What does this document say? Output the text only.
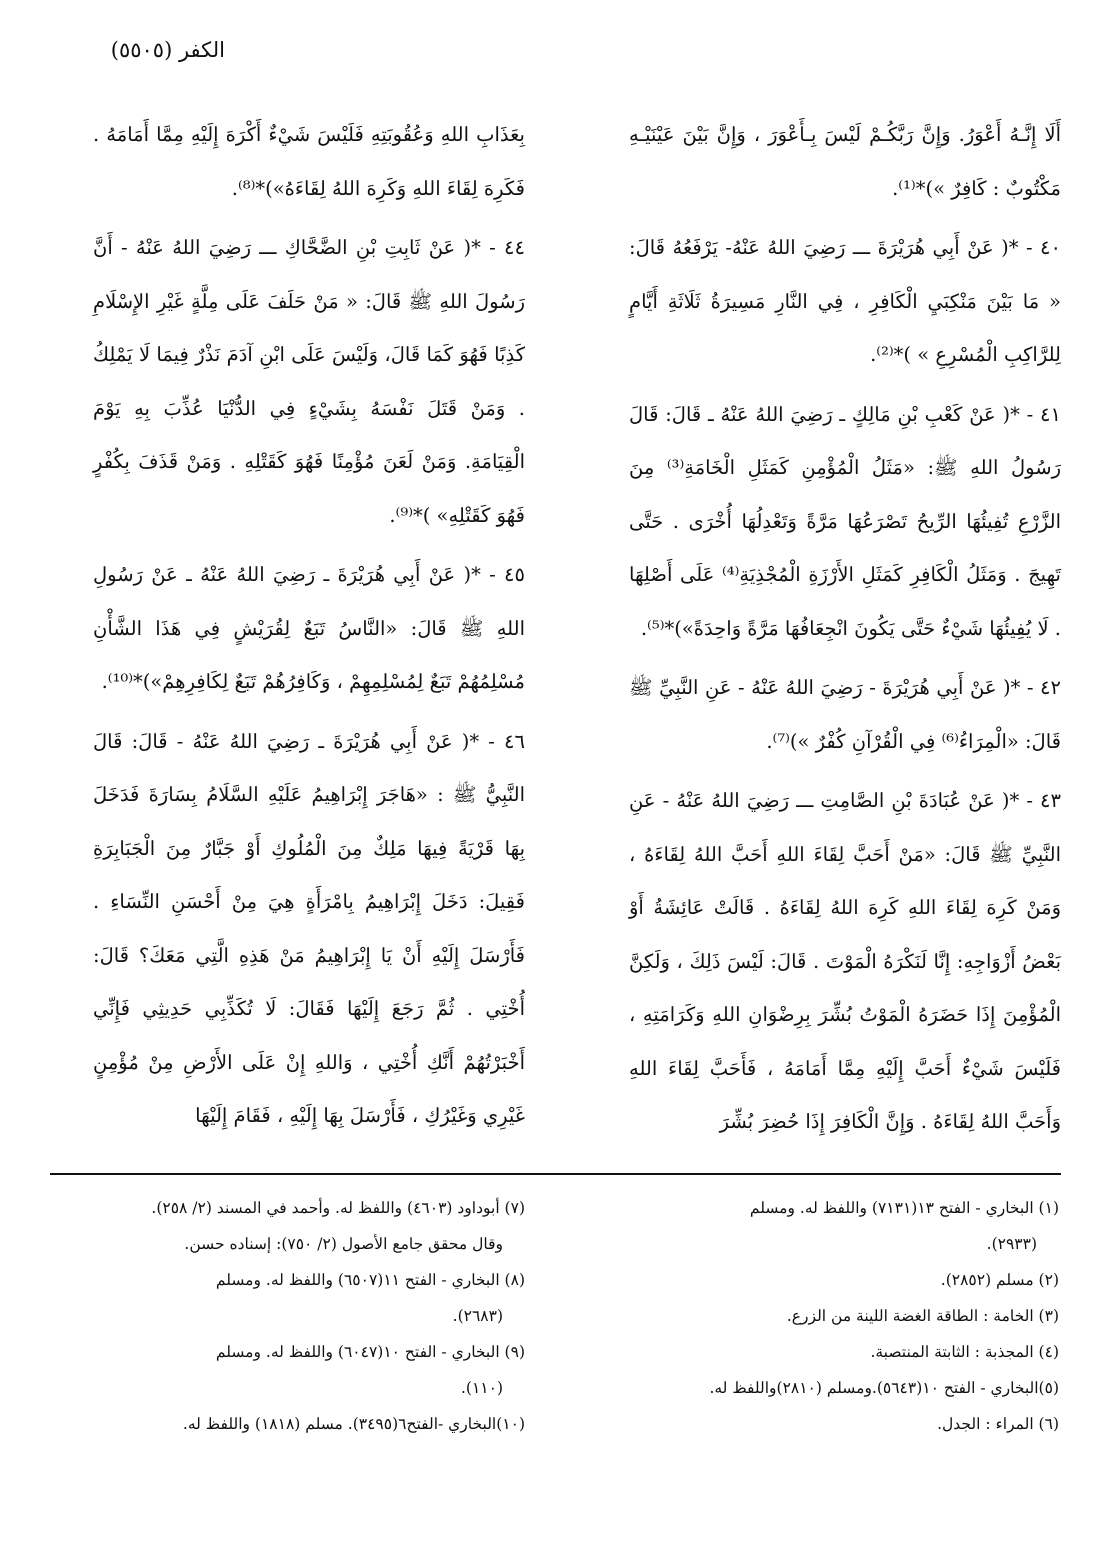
الكفر (٥٥٠٥)

أَلَا إِنَّـهُ أَعْوَرُ. وَإِنَّ رَبَّكُـمْ لَيْسَ بِـأَعْوَرَ ، وَإِنَّ بَيْنَ عَيْنَيْـهِ مَكْتُوبٌ : كَافِرٌ »)*⁽¹⁾.

٤٠ - *( عَنْ أَبِي هُرَيْرَةَ ـــ رَضِيَ اللهُ عَنْهُ- يَرْفَعُهُ قَالَ: « مَا بَيْنَ مَنْكِبَيِ الْكَافِرِ ، فِي النَّارِ مَسِيرَةُ ثَلَاثَةِ أَيَّامٍ لِلرَّاكِبِ الْمُسْرِعِ » )*⁽²⁾.

٤١ - *( عَنْ كَعْبِ بْنِ مَالِكٍ ـ رَضِيَ اللهُ عَنْهُ ـ قَالَ: قَالَ رَسُولُ اللهِ ﷺ: «مَثَلُ الْمُؤْمِنِ كَمَثَلِ الْخَامَةِ⁽³⁾ مِنَ الزَّرْعِ تُفِيئُهَا الرِّيحُ تَصْرَعُهَا مَرَّةً وَتَعْدِلُهَا أُخْرَى . حَتَّى تَهِيجَ . وَمَثَلُ الْكَافِرِ كَمَثَلِ الأَرْزَةِ الْمُجْذِيَةِ⁽⁴⁾ عَلَى أَصْلِهَا . لَا يُفِيئُهَا شَيْءٌ حَتَّى يَكُونَ انْجِعَافُهَا مَرَّةً وَاحِدَةً»)*⁽⁵⁾.

٤٢ - *( عَنْ أَبِي هُرَيْرَةَ - رَضِيَ اللهُ عَنْهُ - عَنِ النَّبِيِّ ﷺ قَالَ: «الْمِرَاءُ⁽⁶⁾ فِي الْقُرْآنِ كُفْرٌ »)⁽⁷⁾.

٤٣ - *( عَنْ عُبَادَةَ بْنِ الصَّامِتِ ـــ رَضِيَ اللهُ عَنْهُ - عَنِ النَّبِيِّ ﷺ قَالَ: «مَنْ أَحَبَّ لِقَاءَ اللهِ أَحَبَّ اللهُ لِقَاءَهُ ، وَمَنْ كَرِهَ لِقَاءَ اللهِ كَرِهَ اللهُ لِقَاءَهُ . قَالَتْ عَائِشَةُ أَوْ بَعْضُ أَزْوَاجِهِ: إِنَّا لَنَكْرَهُ الْمَوْتَ . قَالَ: لَيْسَ ذَلِكَ ، وَلَكِنَّ الْمُؤْمِنَ إِذَا حَضَرَهُ الْمَوْتُ بُشِّرَ بِرِضْوَانِ اللهِ وَكَرَامَتِهِ ، فَلَيْسَ شَيْءٌ أَحَبَّ إِلَيْهِ مِمَّا أَمَامَهُ ، فَأَحَبَّ لِقَاءَ اللهِ وَأَحَبَّ اللهُ لِقَاءَهُ . وَإِنَّ الْكَافِرَ إِذَا حُضِرَ بُشِّرَ

بِعَذَابِ اللهِ وَعُقُوبَتِهِ فَلَيْسَ شَيْءٌ أَكْرَهَ إِلَيْهِ مِمَّا أَمَامَهُ . فَكَرِهَ لِقَاءَ اللهِ وَكَرِهَ اللهُ لِقَاءَهُ»)*⁽⁸⁾.

٤٤ - *( عَنْ ثَابِتِ بْنِ الضَّحَّاكِ ـــ رَضِيَ اللهُ عَنْهُ - أَنَّ رَسُولَ اللهِ ﷺ قَالَ: « مَنْ حَلَفَ عَلَى مِلَّةٍ غَيْرِ الإِسْلَامِ كَذِبًا فَهُوَ كَمَا قَالَ، وَلَيْسَ عَلَى ابْنِ آدَمَ نَذْرٌ فِيمَا لَا يَمْلِكُ . وَمَنْ قَتَلَ نَفْسَهُ بِشَيْءٍ فِي الدُّنْيَا عُذِّبَ بِهِ يَوْمَ الْقِيَامَةِ. وَمَنْ لَعَنَ مُؤْمِنًا فَهُوَ كَقَتْلِهِ . وَمَنْ قَذَفَ بِكُفْرٍ فَهُوَ كَقَتْلِهِ» )*⁽⁹⁾.

٤٥ - *( عَنْ أَبِي هُرَيْرَةَ ـ رَضِيَ اللهُ عَنْهُ ـ عَنْ رَسُولِ اللهِ ﷺ قَالَ: «النَّاسُ تَبَعٌ لِقُرَيْشٍ فِي هَذَا الشَّأْنِ مُسْلِمُهُمْ تَبَعٌ لِمُسْلِمِهِمْ ، وَكَافِرُهُمْ تَبَعٌ لِكَافِرِهِمْ»)*⁽¹⁰⁾.

٤٦ - *( عَنْ أَبِي هُرَيْرَةَ ـ رَضِيَ اللهُ عَنْهُ - قَالَ: قَالَ النَّبِيُّ ﷺ : «هَاجَرَ إِبْرَاهِيمُ عَلَيْهِ السَّلَامُ بِسَارَةَ فَدَخَلَ بِهَا قَرْيَةً فِيهَا مَلِكٌ مِنَ الْمُلُوكِ أَوْ جَبَّارٌ مِنَ الْجَبَابِرَةِ فَقِيلَ: دَخَلَ إِبْرَاهِيمُ بِامْرَأَةٍ هِيَ مِنْ أَحْسَنِ النِّسَاءِ . فَأَرْسَلَ إِلَيْهِ أَنْ يَا إِبْرَاهِيمُ مَنْ هَذِهِ الَّتِي مَعَكَ؟ قَالَ: أُخْتِي . ثُمَّ رَجَعَ إِلَيْهَا فَقَالَ: لَا تُكَذِّبِي حَدِيثِي فَإِنِّي أَخْبَرْتُهُمْ أَنَّكِ أُخْتِي ، وَاللهِ إِنْ عَلَى الأَرْضِ مِنْ مُؤْمِنٍ غَيْرِي وَغَيْرُكِ ، فَأَرْسَلَ بِهَا إِلَيْهِ ، فَقَامَ إِلَيْهَا

(١) البخاري - الفتح ١٣(٧١٣١) واللفظ له. ومسلم
(٢٩٣٣).

(٢) مسلم (٢٨٥٢).

(٣) الخامة : الطاقة الغضة اللينة من الزرع.

(٤) المجذبة : الثابتة المنتصبة.

(٥)البخاري - الفتح ١٠(٥٦٤٣).ومسلم (٢٨١٠)واللفظ له.

(٦) المراء : الجدل.

(٧) أبوداود (٤٦٠٣) واللفظ له. وأحمد في المسند (٢/ ٢٥٨).
وقال محقق جامع الأصول (٢/ ٧٥٠): إسناده حسن.

(٨) البخاري - الفتح ١١(٦٥٠٧) واللفظ له. ومسلم
(٢٦٨٣).

(٩) البخاري - الفتح ١٠(٦٠٤٧) واللفظ له. ومسلم
(١١٠).

(١٠)البخاري -الفتح٦(٣٤٩٥). مسلم (١٨١٨) واللفظ له.
